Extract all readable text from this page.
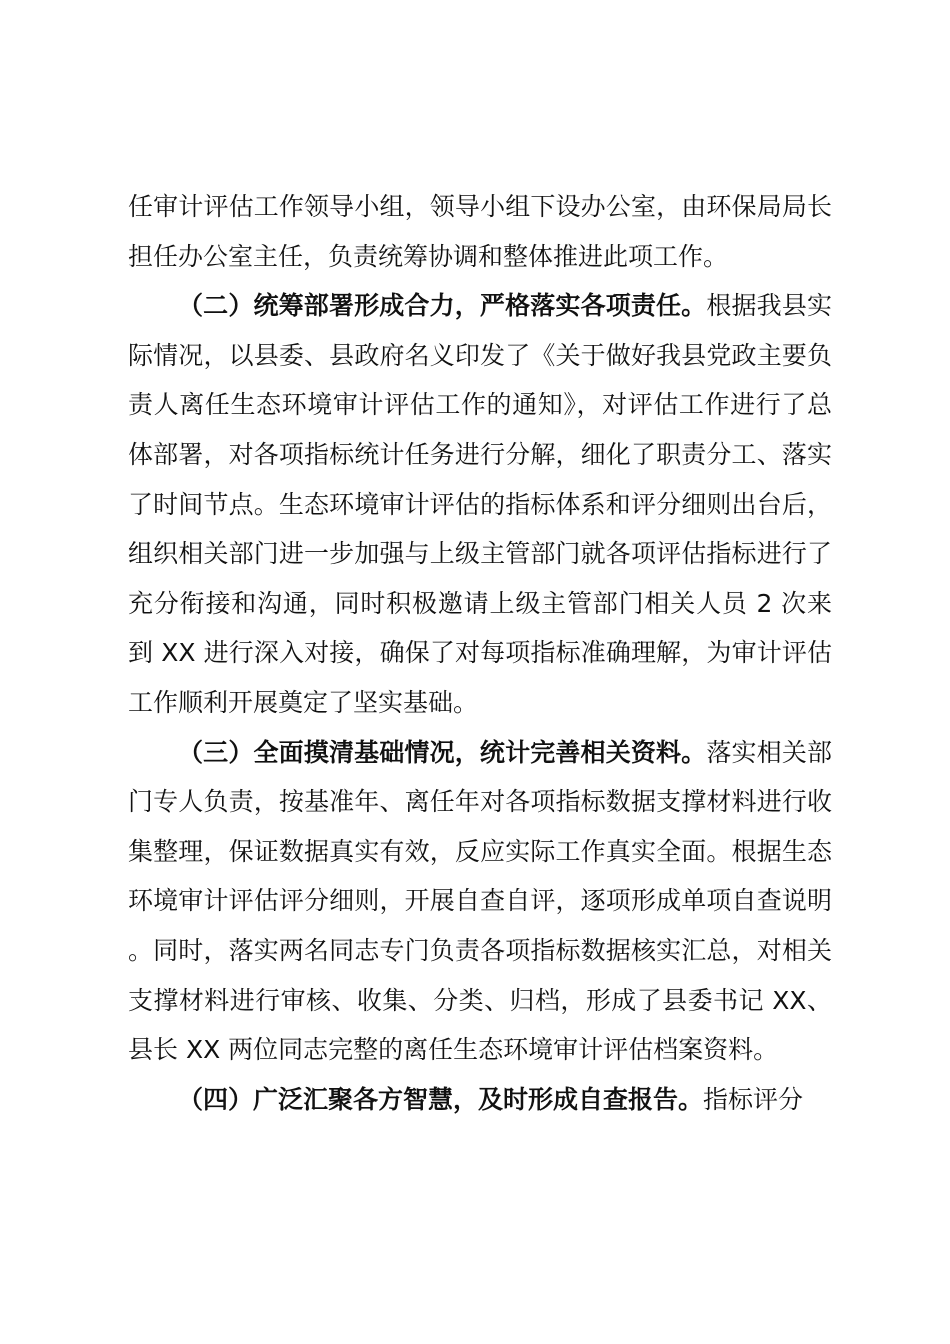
任审计评估工作领导小组，领导小组下设办公室，由环保局局长担任办公室主任，负责统筹协调和整体推进此项工作。

（二）统筹部署形成合力，严格落实各项责任。根据我县实际情况，以县委、县政府名义印发了《关于做好我县党政主要负责人离任生态环境审计评估工作的通知》，对评估工作进行了总体部署，对各项指标统计任务进行分解，细化了职责分工、落实了时间节点。生态环境审计评估的指标体系和评分细则出台后，组织相关部门进一步加强与上级主管部门就各项评估指标进行了充分衔接和沟通，同时积极邀请上级主管部门相关人员 2 次来到 XX 进行深入对接，确保了对每项指标准确理解，为审计评估工作顺利开展奠定了坚实基础。

（三）全面摸清基础情况，统计完善相关资料。落实相关部门专人负责，按基准年、离任年对各项指标数据支撑材料进行收集整理，保证数据真实有效，反应实际工作真实全面。根据生态环境审计评估评分细则，开展自查自评，逐项形成单项自查说明。同时，落实两名同志专门负责各项指标数据核实汇总，对相关支撑材料进行审核、收集、分类、归档，形成了县委书记 XX、县长 XX 两位同志完整的离任生态环境审计评估档案资料。

（四）广泛汇聚各方智慧，及时形成自查报告。指标评分
